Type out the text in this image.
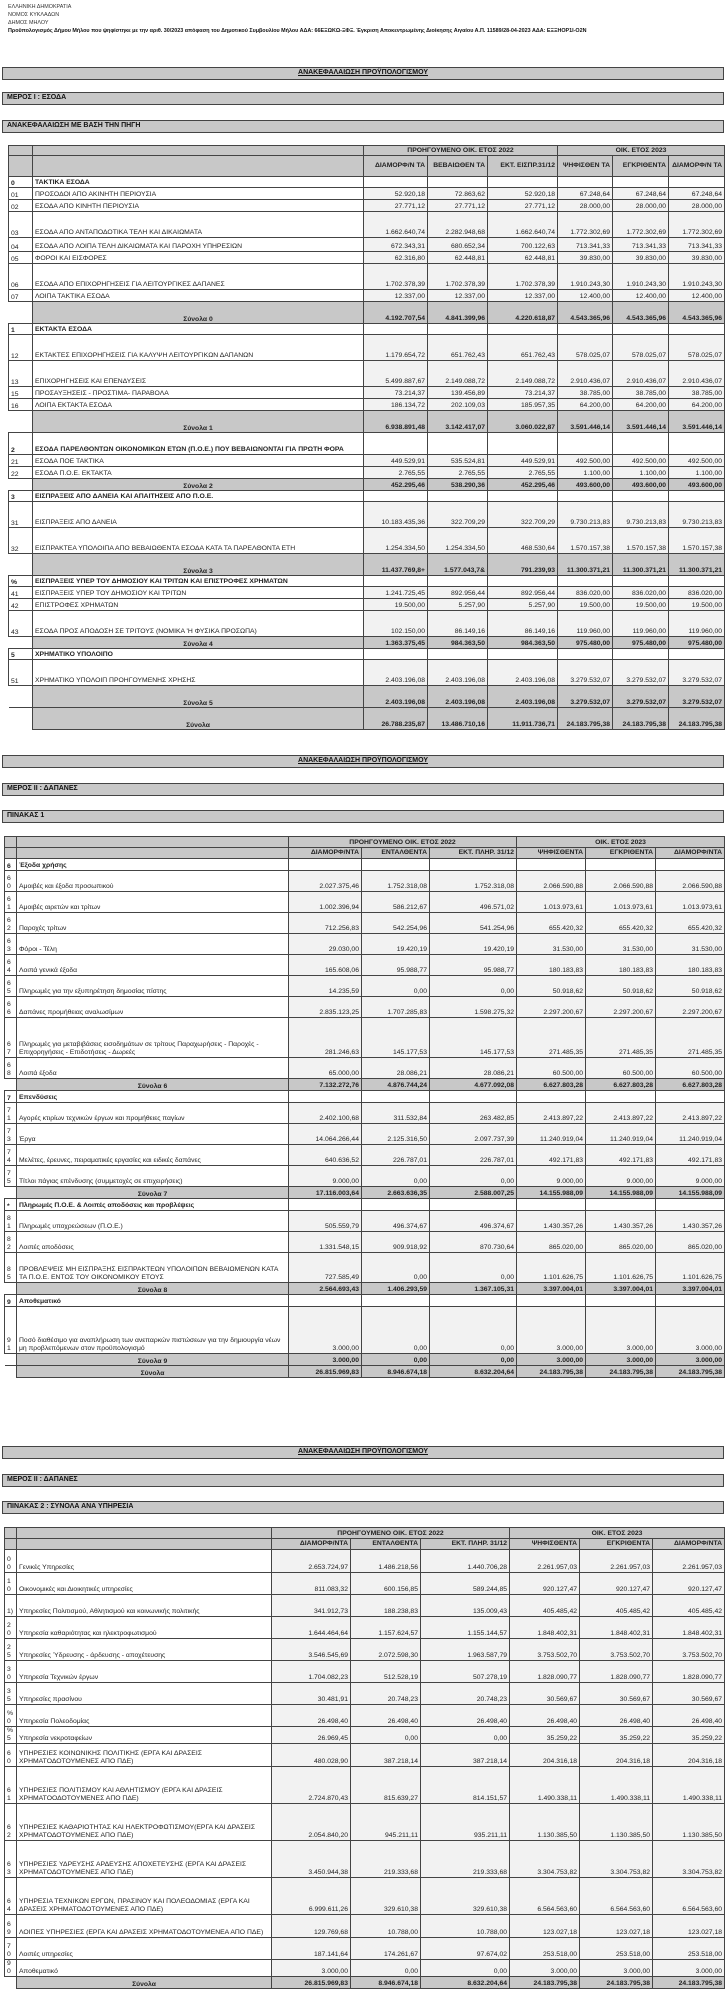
ΕΛΛΗΝΙΚΗ ΔΗΜΟΚΡΑΤΙΑ
ΝΟΜΟΣ ΚΥΚΛΑΔΩΝ
ΔΗΜΟΣ ΜΗΛΟΥ
Προϋπολογισμός Δήμου Μήλου που ψηφίστηκε με την αριθ. 30/2023 απόφαση του Δημοτικού Συμβουλίου Μήλου ΑΔΑ: 66ΕΞΩΚΩ-ΞΦΞ. Έγκριση Αποκεντρωμένης Διοίκησης Αιγαίου Α.Π. 11589/28-04-2023 ΑΔΑ: ΕΞΞΗΟΡ1Ι-Ο2Ν
ΑΝΑΚΕΦΑΛΑΙΩΣΗ ΠΡΟΫΠΟΛΟΓΙΣΜΟΥ
ΜΕΡΟΣ Ι : ΕΣΟΔΑ
ΑΝΑΚΕΦΑΛΑΙΩΣΗ ΜΕ ΒΑΣΗ ΤΗΝ ΠΗΓΗ
		ΠΡΟΗΓΟΥΜΕΝΟ ΟΙΚ. ΕΤΟΣ 2022			ΟΙΚ. ΕΤΟΣ 2023		
		ΔΙΑΜΟΡΦ/Ν ΤΑ	ΒΕΒΑΙΩΘΕΝ ΤΑ	ΕΚΤ. ΕΙΣΠΡ.31/12	ΨΗΦΙΣΘΕΝ ΤΑ	ΕΓΚΡΙΘΕΝΤΑ	ΔΙΑΜΟΡΦ/Ν ΤΑ
0	ΤΑΚΤΙΚΑ ΕΣΟΔΑ						
01	ΠΡΟΣΟΔΟΙ ΑΠΟ ΑΚΙΝΗΤΗ ΠΕΡΙΟΥΣΙΑ	52.920,18	72.863,62	52.920,18	67.248,64	67.248,64	67.248,64
02	ΕΣΟΔΑ ΑΠΟ ΚΙΝΗΤΗ ΠΕΡΙΟΥΣΙΑ	27.771,12	27.771,12	27.771,12	28.000,00	28.000,00	28.000,00
03	ΕΣΟΔΑ ΑΠΟ ΑΝΤΑΠΟΔΟΤΙΚΑ ΤΕΛΗ ΚΑΙ ΔΙΚΑΙΩΜΑΤΑ	1.662.640,74	2.282.948,68	1.662.640,74	1.772.302,69	1.772.302,69	1.772.302,69
04	ΕΣΟΔΑ ΑΠΟ ΛΟΙΠΑ ΤΕΛΗ ΔΙΚΑΙΩΜΑΤΑ ΚΑΙ ΠΑΡΟΧΗ ΥΠΗΡΕΣΙΩΝ	672.343,31	680.652,34	700.122,63	713.341,33	713.341,33	713.341,33
05	ΦΟΡΟΙ ΚΑΙ ΕΙΣΦΟΡΕΣ	62.316,80	62.448,81	62.448,81	39.830,00	39.830,00	39.830,00
06	ΕΣΟΔΑ ΑΠΟ ΕΠΙΧΟΡΗΓΗΣΕΙΣ ΓΙΑ ΛΕΙΤΟΥΡΓΙΚΕΣ ΔΑΠΑΝΕΣ	1.702.378,39	1.702.378,39	1.702.378,39	1.910.243,30	1.910.243,30	1.910.243,30
07	ΛΟΙΠΑ ΤΑΚΤΙΚΑ ΕΣΟΔΑ	12.337,00	12.337,00	12.337,00	12.400,00	12.400,00	12.400,00
	Σύνολα 0	4.192.707,54	4.841.399,96	4.220.618,87	4.543.365,96	4.543.365,96	4.543.365,96
1	ΕΚΤΑΚΤΑ ΕΣΟΔΑ						
12	ΕΚΤΑΚΤΕΣ ΕΠΙΧΟΡΗΓΗΣΕΙΣ ΓΙΑ ΚΑΛΥΨΗ ΛΕΙΤΟΥΡΓΙΚΩΝ ΔΑΠΑΝΩΝ	1.179.654,72	651.762,43	651.762,43	578.025,07	578.025,07	578.025,07
13	ΕΠΙΧΟΡΗΓΗΣΕΙΣ ΚΑΙ ΕΠΕΝΔΥΣΕΙΣ	5.499.887,67	2.149.088,72	2.149.088,72	2.910.436,07	2.910.436,07	2.910.436,07
15	ΠΡΟΣΑΥΞΗΣΕΙΣ - ΠΡΟΣΤΙΜΑ- ΠΑΡΑΒΟΛΑ	73.214,37	139.456,89	73.214,37	38.785,00	38.785,00	38.785,00
16	ΛΟΙΠΑ ΕΚΤΑΚΤΑ ΕΣΟΔΑ	186.134,72	202.109,03	185.957,35	64.200,00	64.200,00	64.200,00
	Σύνολα 1	6.938.891,48	3.142.417,07	3.060.022,87	3.591.446,14	3.591.446,14	3.591.446,14
2	ΕΣΟΔΑ ΠΑΡΕΛΘΟΝΤΩΝ ΟΙΚΟΝΟΜΙΚΩΝ ΕΤΩΝ (Π.Ο.Ε.) ΠΟΥ ΒΕΒΑΙΩΝΟΝΤΑΙ ΓΙΑ ΠΡΩΤΗ ΦΟΡΑ						
21	ΕΣΟΔΑ ΠΟΕ ΤΑΚΤΙΚΑ	449.529,91	535.524,81	449.529,91	492.500,00	492.500,00	492.500,00
22	ΕΣΟΔΑ Π.Ο.Ε. ΕΚΤΑΚΤΑ	2.765,55	2.765,55	2.765,55	1.100,00	1.100,00	1.100,00
	Σύνολα 2	452.295,46	538.290,36	452.295,46	493.600,00	493.600,00	493.600,00
3	ΕΙΣΠΡΑΞΕΙΣ ΑΠΟ ΔΑΝΕΙΑ ΚΑΙ ΑΠΑΙΤΗΣΕΙΣ ΑΠΟ Π.Ο.Ε.						
31	ΕΙΣΠΡΑΞΕΙΣ ΑΠΟ ΔΑΝΕΙΑ	10.183.435,36	322.709,29	322.709,29	9.730.213,83	9.730.213,83	9.730.213,83
32	ΕΙΣΠΡΑΚΤΕΑ ΥΠΟΛΟΙΠΑ ΑΠΟ ΒΕΒΑΙΩΘΕΝΤΑ ΕΣΟΔΑ ΚΑΤΑ ΤΑ ΠΑΡΕΛΘΟΝΤΑ ΕΤΗ	1.254.334,50	1.254.334,50	468.530,64	1.570.157,38	1.570.157,38	1.570.157,38
	Σύνολα 3	11.437.769,8+	1.577.043,7&	791.239,93	11.300.371,21	11.300.371,21	11.300.371,21
%	ΕΙΣΠΡΑΞΕΙΣ ΥΠΕΡ ΤΟΥ ΔΗΜΟΣΙΟΥ ΚΑΙ ΤΡΙΤΩΝ ΚΑΙ ΕΠΙΣΤΡΟΦΕΣ ΧΡΗΜΑΤΩΝ						
41	ΕΙΣΠΡΑΞΕΙΣ ΥΠΕΡ ΤΟΥ ΔΗΜΟΣΙΟΥ ΚΑΙ ΤΡΙΤΩΝ	1.241.725,45	892.956,44	892.956,44	836.020,00	836.020,00	836.020,00
42	ΕΠΙΣΤΡΟΦΕΣ ΧΡΗΜΑΤΩΝ	19.500,00	5.257,90	5.257,90	19.500,00	19.500,00	19.500,00
43	ΕΣΟΔΑ ΠΡΟΣ ΑΠΟΔΟΣΗ ΣΕ ΤΡΙΤΟΥΣ (ΝΟΜΙΚΑ 'Η ΦΥΣΙΚΑ ΠΡΟΣΩΠΑ)	102.150,00	86.149,16	86.149,16	119.960,00	119.960,00	119.960,00
	Σύνολα 4	1.363.375,45	984.363,50	984.363,50	975.480,00	975.480,00	975.480,00
5	ΧΡΗΜΑΤΙΚΟ ΥΠΟΛΟΙΠΟ						
51	ΧΡΗΜΑΤΙΚΟ ΥΠΟΛΟΙΠ ΠΡΟΗΓΟΥΜΕΝΗΣ ΧΡΗΣΗΣ	2.403.196,08	2.403.196,08	2.403.196,08	3.279.532,07	3.279.532,07	3.279.532,07
	Σύνολα 5	2.403.196,08	2.403.196,08	2.403.196,08	3.279.532,07	3.279.532,07	3.279.532,07
	Σύνολα	26.788.235,87	13.486.710,16	11.911.736,71	24.183.795,38	24.183.795,38	24.183.795,38
ΑΝΑΚΕΦΑΛΑΙΩΣΗ ΠΡΟΫΠΟΛΟΓΙΣΜΟΥ
ΜΕΡΟΣ ΙΙ : ΔΑΠΑΝΕΣ
ΠΙΝΑΚΑΣ 1
		ΠΡΟΗΓΟΥΜΕΝΟ ΟΙΚ. ΕΤΟΣ 2022			ΟΙΚ. ΕΤΟΣ 2023		
		ΔΙΑΜΟΡΦ/ΝΤΑ	ΕΝΤΑΛΘΕΝΤΑ	ΕΚΤ. ΠΛΗΡ. 31/12	ΨΗΦΙΣΘΕΝΤΑ	ΕΓΚΡΙΘΕΝΤΑ	ΔΙΑΜΟΡΦ/ΝΤΑ
6	Έξοδα χρήσης						
60	Αμοιβές και έξοδα προσωπικού	2.027.375,46	1.752.318,08	1.752.318,08	2.066.590,88	2.066.590,88	2.066.590,88
61	Αμοιβές αιρετών και τρίτων	1.002.396,94	586.212,67	496.571,02	1.013.973,61	1.013.973,61	1.013.973,61
62	Παροχές τρίτων	712.256,83	542.254,96	541.254,96	655.420,32	655.420,32	655.420,32
63	Φόροι - Τέλη	29.030,00	19.420,19	19.420,19	31.530,00	31.530,00	31.530,00
64	Λοιπά γενικά έξοδα	165.608,06	95.988,77	95.988,77	180.183,83	180.183,83	180.183,83
65	Πληρωμές για την εξυπηρέτηση δημοσίας πίστης	14.235,59	0,00	0,00	50.918,62	50.918,62	50.918,62
66	Δαπάνες προμήθειας αναλωσίμων	2.835.123,25	1.707.285,83	1.598.275,32	2.297.200,67	2.297.200,67	2.297.200,67
67	Πληρωμές για μεταβιβάσεις εισοδημάτων σε τρίτους Παραχωρήσεις - Παροχές - Επιχορηγήσεις - Επιδοτήσεις - Δωρεές	281.246,63	145.177,53	145.177,53	271.485,35	271.485,35	271.485,35
68	Λοιπά έξοδα	65.000,00	28.086,21	28.086,21	60.500,00	60.500,00	60.500,00
	Σύνολα 6	7.132.272,76	4.876.744,24	4.677.092,08	6.627.803,28	6.627.803,28	6.627.803,28
7	Επενδύσεις						
71	Αγορές κτιρίων τεχνικών έργων και προμήθειες παγίων	2.402.100,68	311.532,84	263.482,85	2.413.897,22	2.413.897,22	2.413.897,22
73	Έργα	14.064.266,44	2.125.316,50	2.097.737,39	11.240.919,04	11.240.919,04	11.240.919,04
74	Μελέτες, έρευνες, πειραματικές εργασίες και ειδικές δαπάνες	640.636,52	226.787,01	226.787,01	492.171,83	492.171,83	492.171,83
75	Τίτλοι πάγιας επένδυσης (συμμετοχές σε επιχειρήσεις)	9.000,00	0,00	0,00	9.000,00	9.000,00	9.000,00
	Σύνολα 7	17.116.003,64	2.663.636,35	2.588.007,25	14.155.988,09	14.155.988,09	14.155.988,09
*	Πληρωμές Π.Ο.Ε. & Λοιπές αποδόσεις και προβλέψεις						
81	Πληρωμές υποχρεώσεων (Π.Ο.Ε.)	505.559,79	496.374,67	496.374,67	1.430.357,26	1.430.357,26	1.430.357,26
82	Λοιπές αποδόσεις	1.331.548,15	909.918,92	870.730,64	865.020,00	865.020,00	865.020,00
85	ΠΡΟΒΛΕΨΕΙΣ ΜΗ ΕΙΣΠΡΑΞΗΣ ΕΙΣΠΡΑΚΤΕΩΝ ΥΠΟΛΟΙΠΩΝ ΒΕΒΑΙΩΜΕΝΩΝ ΚΑΤΑ ΤΑ Π.Ο.Ε. ΕΝΤΟΣ ΤΟΥ ΟΙΚΟΝΟΜΙΚΟΥ ΕΤΟΥΣ	727.585,49	0,00	0,00	1.101.626,75	1.101.626,75	1.101.626,75
	Σύνολα 8	2.564.693,43	1.406.293,59	1.367.105,31	3.397.004,01	3.397.004,01	3.397.004,01
9	Αποθεματικό						
91	Ποσό διαθέσιμο για αναπλήρωση των ανεπαρκών πιστώσεων για την δημιουργία νέων μη προβλεπόμενων στον προϋπολογισμό	3.000,00	0,00	0,00	3.000,00	3.000,00	3.000,00
	Σύνολα 9	3.000,00	0,00	0,00	3.000,00	3.000,00	3.000,00
	Σύνολα	26.815.969,83	8.946.674,18	8.632.204,64	24.183.795,38	24.183.795,38	24.183.795,38
ΑΝΑΚΕΦΑΛΑΙΩΣΗ ΠΡΟΫΠΟΛΟΓΙΣΜΟΥ
ΜΕΡΟΣ ΙΙ : ΔΑΠΑΝΕΣ
ΠΙΝΑΚΑΣ 2 : ΣΥΝΟΛΑ ΑΝΑ ΥΠΗΡΕΣΙΑ
		ΠΡΟΗΓΟΥΜΕΝΟ ΟΙΚ. ΕΤΟΣ 2022			ΟΙΚ. ΕΤΟΣ 2023		
		ΔΙΑΜΟΡΦ/ΝΤΑ	ΕΝΤΑΛΘΕΝΤΑ	ΕΚΤ. ΠΛΗΡ. 31/12	ΨΗΦΙΣΘΕΝΤΑ	ΕΓΚΡΙΘΕΝΤΑ	ΔΙΑΜΟΡΦ/ΝΤΑ
00	Γενικές Υπηρεσίες	2.653.724,97	1.486.218,56	1.440.706,28	2.261.957,03	2.261.957,03	2.261.957,03
10	Οικονομικές και Διοικητικές υπηρεσίες	811.083,32	600.156,85	589.244,85	920.127,47	920.127,47	920.127,47
1)	Υπηρεσίες Πολιτισμού, Αθλητισμού και κοινωνικής πολιτικής	341.912,73	188.238,83	135.009,43	405.485,42	405.485,42	405.485,42
20	Υπηρεσία καθαριότητας και ηλεκτροφωτισμού	1.644.464,64	1.157.624,57	1.155.144,57	1.848.402,31	1.848.402,31	1.848.402,31
25	Υπηρεσίες Ύδρευσης - άρδευσης - αποχέτευσης	3.546.545,69	2.072.598,30	1.963.587,79	3.753.502,70	3.753.502,70	3.753.502,70
30	Υπηρεσία Τεχνικών έργων	1.704.082,23	512.528,19	507.278,19	1.828.090,77	1.828.090,77	1.828.090,77
35	Υπηρεσίες πρασίνου	30.481,91	20.748,23	20.748,23	30.569,67	30.569,67	30.569,67
%0	Υπηρεσία Πολεοδομίας	26.498,40	26.498,40	26.498,40	26.498,40	26.498,40	26.498,40
%5	Υπηρεσία νεκροταφείων	26.969,45	0,00	0,00	35.259,22	35.259,22	35.259,22
60	ΥΠΗΡΕΣΙΕΣ ΚΟΙΝΩΝΙΚΗΣ ΠΟΛΙΤΙΚΗΣ (ΕΡΓΑ ΚΑΙ ΔΡΑΣΕΙΣ ΧΡΗΜΑΤΟΔΟΤΟΥΜΕΝΕΣ ΑΠΟ ΠΔΕ)	480.028,90	387.218,14	387.218,14	204.316,18	204.316,18	204.316,18
61	ΥΠΗΡΕΣΙΕΣ ΠΟΛΙΤΙΣΜΟΥ ΚΑΙ ΑΘΛΗΤΙΣΜΟΥ (ΕΡΓΑ ΚΑΙ ΔΡΑΣΕΙΣ ΧΡΗΜΑΤΟΟΔΟΤΟΥΜΕΝΕΣ ΑΠΟ ΠΔΕ)	2.724.870,43	815.639,27	814.151,57	1.490.338,11	1.490.338,11	1.490.338,11
62	ΥΠΗΡΕΣΙΕΣ ΚΑΘΑΡΙΟΤΗΤΑΣ ΚΑΙ ΗΛΕΚΤΡΟΦΩΤΙΣΜΟΥ(ΕΡΓΑ ΚΑΙ ΔΡΑΣΕΙΣ ΧΡΗΜΑΤΟΔΟΤΟΥΜΕΝΕΣ ΑΠΟ ΠΔΕ)	2.054.840,20	945.211,11	935.211,11	1.130.385,50	1.130.385,50	1.130.385,50
63	ΥΠΗΡΕΣΙΕΣ ΥΔΡΕΥΣΗΣ ΑΡΔΕΥΣΗΣ ΑΠΟΧΕΤΕΥΣΗΣ (ΕΡΓΑ ΚΑΙ ΔΡΑΣΕΙΣ ΧΡΗΜΑΤΟΔΟΤΟΥΜΕΝΕΣ ΑΠΟ ΠΔΕ)	3.450.944,38	219.333,68	219.333,68	3.304.753,82	3.304.753,82	3.304.753,82
64	ΥΠΗΡΕΣΙΑ ΤΕΧΝΙΚΩΝ ΕΡΓΩΝ, ΠΡΑΣΙΝΟΥ ΚΑΙ ΠΟΛΕΟΔΟΜΙΑΣ (ΕΡΓΑ ΚΑΙ ΔΡΑΣΕΙΣ ΧΡΗΜΑΤΟΔΟΤΟΥΜΕΝΕΣ ΑΠΟ ΠΔΕ)	6.999.611,26	329.610,38	329.610,38	6.564.563,60	6.564.563,60	6.564.563,60
69	ΛΟΙΠΕΣ ΥΠΗΡΕΣΙΕΣ (ΕΡΓΑ ΚΑΙ ΔΡΑΣΕΙΣ ΧΡΗΜΑΤΟΔΟΤΟΥΜΕΝΕΑ ΑΠΟ ΠΔΕ)	129.769,68	10.788,00	10.788,00	123.027,18	123.027,18	123.027,18
70	Λοιπές υπηρεσίες	187.141,64	174.261,67	97.674,02	253.518,00	253.518,00	253.518,00
90	Αποθεματικό	3.000,00	0,00	0,00	3.000,00	3.000,00	3.000,00
	Σύνολα	26.815.969,83	8.946.674,18	8.632.204,64	24.183.795,38	24.183.795,38	24.183.795,38
